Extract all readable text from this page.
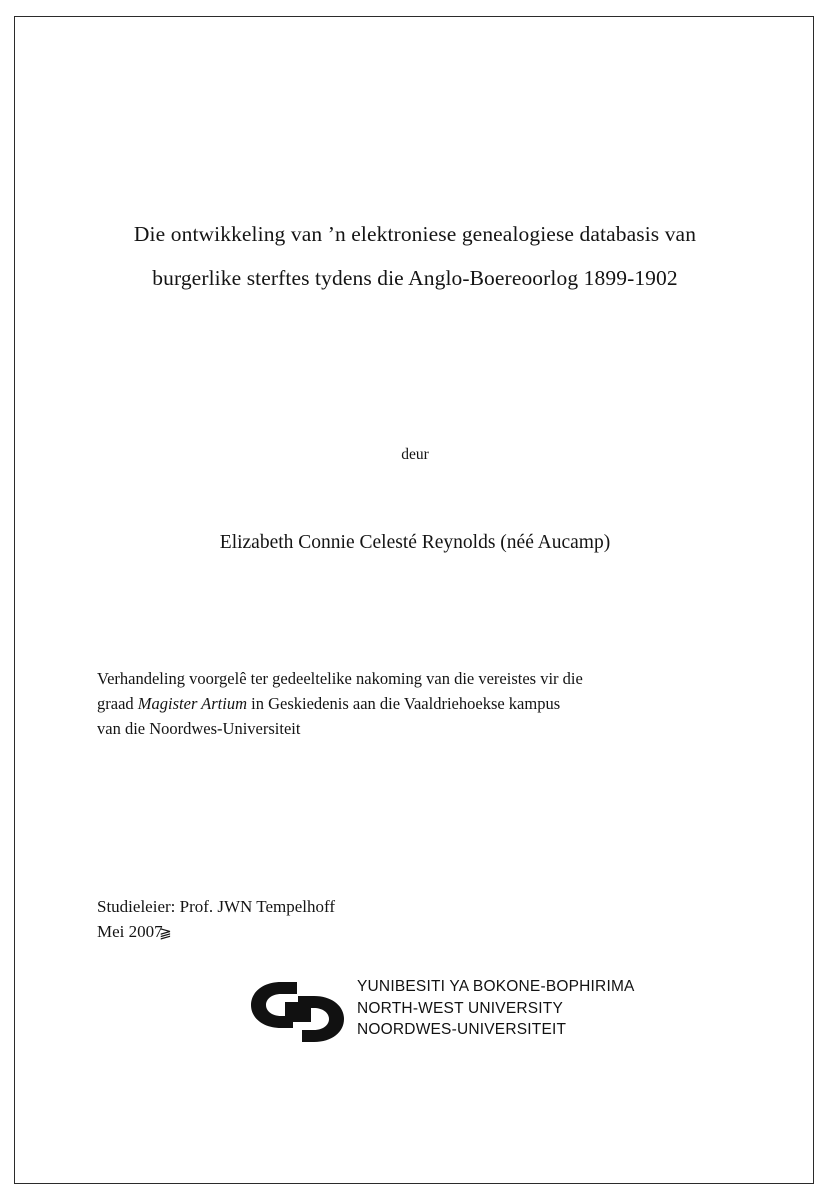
Die ontwikkeling van ’n elektroniese genealogiese databasis van
burgerlike sterftes tydens die Anglo-Boereoorlog 1899-1902
deur
Elizabeth Connie Celesté Reynolds (néé Aucamp)

Verhandeling voorgelê ter gedeeltelike nakoming van die vereistes vir die

graad Magister Artium in Geskiedenis aan die Vaaldriehoekse kampus

van die Noordwes-Universiteit

Studieleier: Prof. JWN Tempelhoff
Mei 2007
⫺
YUNIBESITI YA BOKONE-BOPHIRIMA
NORTH-WEST UNIVERSITY
NOORDWES-UNIVERSITEIT
